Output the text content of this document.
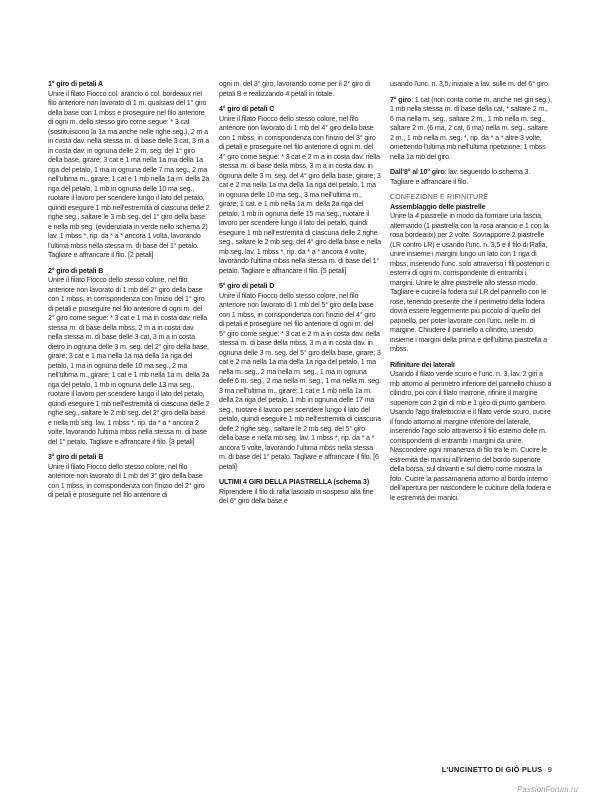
1° giro di petali A
Unire il filato Fiocco col. arancio o col. bordeaux nel filo anteriore non lavorato di 1 m. qualsiasi del 1° giro della base con 1 mbss e proseguire nel filo anteriore di ogni m. dello stesso giro come segue: * 3 cat (sostituiscono la 1a ma anche nelle righe seg.), 2 m a in costa dav. nella stessa m. di base delle 3 cat, 3 m a in costa dav. in ognuna delle 2 m. seg. del 1° giro della base, girare; 3 cat e 1 ma nella 1a ma della 1a riga del petalo, 1 ma in ognuna delle 7 ma seg., 2 ma nell'ultima m., girare; 1 cat e 1 mb nella 1a m. della 2a riga del petalo, 1 mb in ognuna delle 10 ma seg., ruotare il lavoro per scendere lungo il lato del petalo, quindi eseguire 1 mb nell'estremità di ciascuna delle 2 righe seg., saltare le 3 mb seg. del 1° giro della base e nella mb seg. (evidenziata in verde nello schema 2) lav. 1 mbss *, rip. da * a * ancora 1 volta, lavorando l'ultima mbss nella stessa m. di base del 1° petalo. Tagliare e affrancare il filo. [2 petali]

2° giro di petali B
Unire il filato Fiocco dello stesso colore, nel filo anteriore non lavorato di 1 mb del 2° giro della base con 1 mbss, in corrispondenza con l'inizio del 1° giro di petali e proseguire nel filo anteriore di ogni m. del 2° giro come segue: * 3 cat e 1 ma in costa dav. nella stessa m. di base della mbss, 2 m a in costa dav. nella stessa m. di base delle 3 cat, 3 m a in costa dietro in ognuna delle 3 m. seg. del 2° giro della base, girare; 3 cat e 1 ma nella 1a ma della 1a riga del petalo, 1 ma in ognuna delle 10 ma seg., 2 ma nell'ultima m., girare; 1 cat e 1 mb nella 1a m. della 2a riga del petalo, 1 mb in ognuna delle 13 ma seg., ruotare il lavoro per scendere lungo il lato del petalo, quindi eseguire 1 mb nell'estremità di ciascuna delle 2 righe seg., saltare le 2 mb seg. del 2° giro della base e nella mb seg. lav. 1 mbss *, rip. da * a * ancora 2 volte, lavorando l'ultima mbss nella stessa m. di base del 1° petalo. Tagliare e affrancare il filo. [3 petali]

3° giro di petali B
Unire il filato Fiocco dello stesso colore, nel filo anteriore non lavorato di 1 mb del 3° giro della base con 1 mbss, in corrispondenza con l'inizio del 2° giro di petali e proseguire nel filo anteriore di

ogni m. del 3° giro, lavorando come per il 2° giro di petali B e realizzando 4 petali in totale.

4° giro di petali C
Unire il filato Fiocco dello stesso colore, nel filo anteriore non lavorato di 1 mb del 4° giro della base con 1 mbss, in corrispondenza con l'inizio del 3° giro di petali e proseguire nel filo anteriore di ogni m. del 4° giro come segue: * 3 cat e 2 m a in costa dav. nella stessa m. di base della mbss, 3 m a in costa dav. in ognuna delle 3 m. seg. del 4° giro della base, girare; 3 cat e 2 ma nella 1a ma della 1a riga del petalo, 1 ma in ognuna delle 10 ma seg., 3 ma nell'ultima m., girare; 1 cat. e 1 mb nella 1a m. della 2a riga del petalo, 1 mb in ognuna delle 15 ma seg., ruotare il lavoro per scendere lungo il lato del petalo, quindi eseguire 1 mb nell'estremità di ciascuna delle 2 righe seg., saltare le 2 mb seg. del 4° giro della base e nella mb seg. lav. 1 mbss *, rip. da * a * ancora 4 volte, lavorando l'ultima mbss nella stessa m. di base del 1° petalo. Tagliare e affrancare il filo. [5 petali]

5° giro di petali D
Unire il filato Fiocco dello stesso colore, nel filo anteriore non lavorato di 1 mb del 5° giro della base con 1 mbss, in corrispondenza con l'inizio del 4° giro di petali e proseguire nel filo anteriore di ogni m. del 5° giro come segue: * 3 cat e 2 m a in costa dav. nella stessa m. di base della mbss, 3 m a in costa dav. in ognuna delle 3 m. seg. del 5° giro della base, girare; 3 cat e 2 ma nella 1a ma della 1a riga del petalo, 1 ma nella m. seg., 2 ma nella m. seg., 1 ma in ognuna delle 6 m. seg., 2 ma nella m. seg., 1 ma nella m. seg. 3 ma nell'ultima m., girare; 1 cat e 1 mb nella 1a m. della 2a riga del petalo, 1 mb in ognuna delle 17 ma seg., ruotare il lavoro per scendere lungo il lato del petalo, quindi eseguire 1 mb nell'estremità di ciascuna delle 2 righe seg., saltare le 2 mb seg. del 5° giro della base e nella mb seg. lav. 1 mbss *, rip. da * a * ancora 5 volte, lavorando l'ultima mbss nella stessa m. di base del 1° petalo. Tagliare e affrancare il filo. [6 petali]

ULTIMI 4 GIRI DELLA PIASTRELLA (schema 3)
Riprendere il filo di rafia lasciato in sospeso alla fine del 6° giro della base e

usando l'unc. n. 3,5, iniziare a lav. sulle m. del 6° giro.

7° giro: 1 cat (non conta come m. anche nei giri seg.), 1 mb nella stessa m. di base della cat, * saltare 2 m., 6 ma nella m. seg., saltare 2 m., 1 mb nella m. seg., saltare 2 m. (6 ma, 2 cat, 6 ma) nella m. seg., saltare 2 m., 1 mb nella m. seg. *, rip. da * a * altre 3 volte, omettendo l'ultima mb nell'ultima ripetizione; 1 mbss nella 1a mb del giro.

Dall'8° al 10° giro: lav. seguendo lo schema 3. Tagliare e affrancare il filo.

CONFEZIONE E RIFINITURE
Assemblaggio delle piastrelle
Unire la 4 piastrelle in modo da formare una fascia, alternando (1 piastrella con la rosa arancio e 1 con la rosa bordeaux) per 2 volte. Sovrapporre 2 piastrelle (LR contro LR) e usando l'unc. n. 3,5 e il filo di Rafia, unire insieme i margini lungo un lato con 1 riga di mbss, inserendo l'unc. solo attraverso i fili posteriori o esterni di ogni m. corrispondente di entrambi i margini. Unire le altre piastrelle allo stesso modo. Tagliare e cucire la fodera sul LR del pannello con le rose, tenendo presente che il perimetro della fodera dovrà essere leggermente più piccolo di quello del pannello, per poter lavorare con l'unc. nelle m. di margine. Chiudere il pannello a cilindro, unendo insieme i margini della prima e dell'ultima piastrella a mbss.

Rifiniture dei laterali
Usando il filato verde scuro e l'unc. n. 3, lav. 2 giri a mb attorno al perimetro inferiore del pannello chiuso a cilindro, poi con il filato marrone, rifinire il margine superiore con 2 giri di mb e 1 giro di punto gambero. Usando l'ago tirafettuccia e il filato verde scuro, cucire il fondo attorno al margine inferiore del laterale, inserendo l'ago solo attraverso il filo esterno delle m. corrispondenti di entrambi i margini da unire. Nascondere ogni rimanenza di filo tra le m. Cucire le estremità dei manici all'interno del bordo superiore della borsa, sul davanti e sul dietro come mostra la foto. Cucire la passamaneria attorno al bordo interno dell'apertura per nascondere le cuciture della fodera e le estremità dei manici.

L'UNCINETTO DI GIÒ PLUS 9
PassionForum.ru
